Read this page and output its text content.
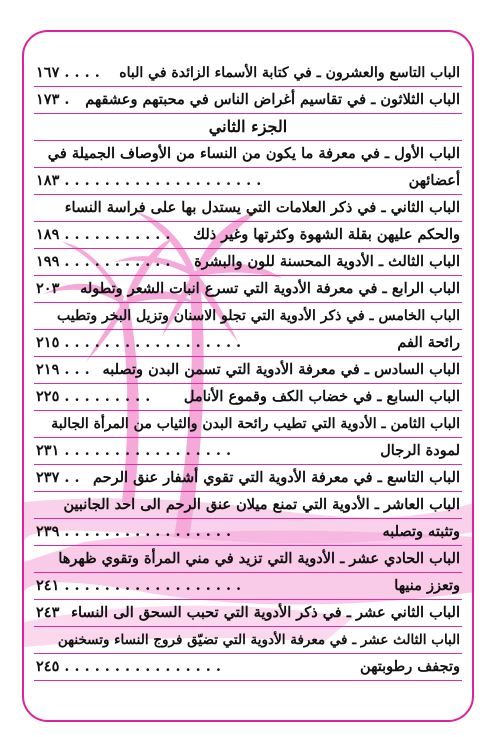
الباب التاسع والعشرون ـ في كتابة الأسماء الزائدة في الباه
١٦٧ . . . .
الباب الثلاثون ـ في تقاسيم أغراض الناس في محبتهم وعشقهم
١٧٣ .
الجزء الثاني
الباب الأول ـ في معرفة ما يكون من النساء من الأوصاف الجميلة في
أعضائهن
١٨٣ . . . . . . . . . . . . . . . . . . . .
الباب الثاني ـ في ذكر العلامات التي يستدل بها على فراسة النساء
والحكم عليهن بقلة الشهوة وكثرتها وغير ذلك
١٨٩ . . . . . . . . . . .
الباب الثالث ـ الأدوية المحسنة للون والبشرة
١٩٩ . . . . . . . . . . .
الباب الرابع ـ في معرفة الأدوية التي تسرع انبات الشعر وتطوله
٢٠٣
الباب الخامس ـ في ذكر الأدوية التي تجلو الاسنان وتزيل البخر وتطيب
رائحة الفم
٢١٥ . . . . . . . . . . . . . . . . . .
الباب السادس ـ في معرفة الأدوية التي تسمن البدن وتصلبه
٢١٩ . . .
الباب السابع ـ في خضاب الكف وقموع الأنامل
٢٢٥ . . . . . . . . .
الباب الثامن ـ الأدوية التي تطيب رائحة البدن والثياب من المرأة الجالبة
لمودة الرجال
٢٣١ . . . . . . . . . . . . . . . . .
الباب التاسع ـ في معرفة الأدوية التي تقوي أشفار عنق الرحم
٢٣٧ . .
الباب العاشر ـ الأدوية التي تمنع ميلان عنق الرحم الى احد الجانبين
وتثبته وتصلبه
٢٣٩ . . . . . . . . . . . . . . . . .
الباب الحادي عشر ـ الأدوية التي تزيد في مني المرأة وتقوي ظهرها
وتعزز منيها
٢٤١ . . . . . . . . . . . . . . . . . .
الباب الثاني عشر ـ في ذكر الأدوية التي تحبب السحق الى النساء
٢٤٣
الباب الثالث عشر ـ في معرفة الأدوية التي تضيّق فروج النساء وتسخنهن
وتجفف رطوبتهن
٢٤٥ . . . . . . . . . . . . . . . .
